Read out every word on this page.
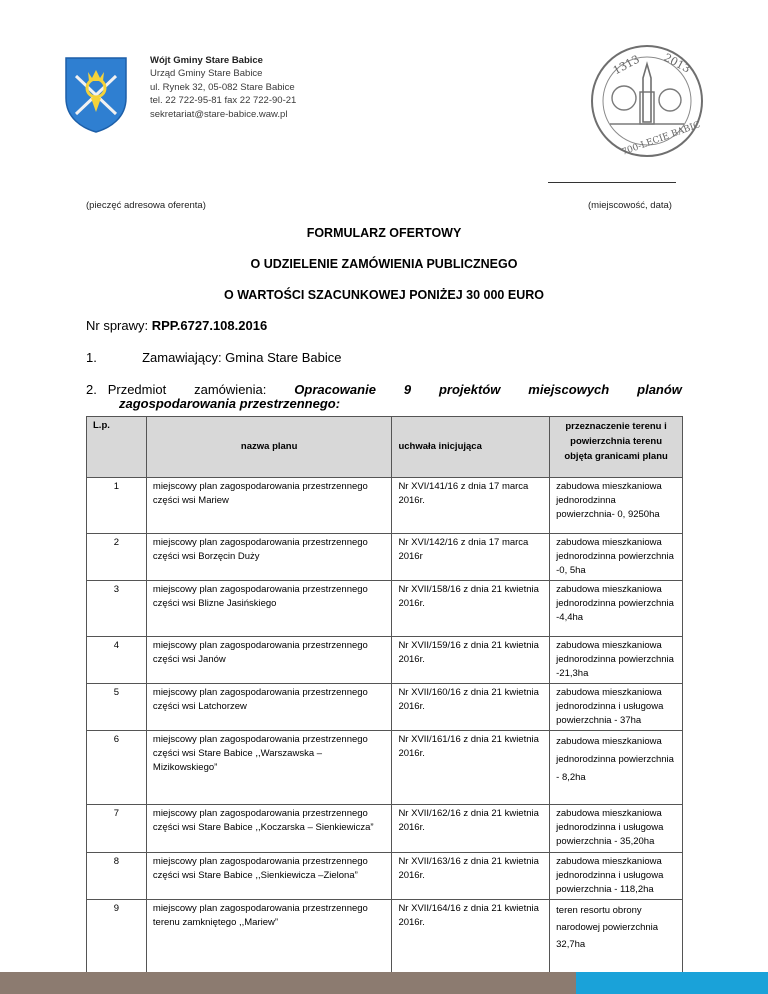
Wójt Gminy Stare Babice
Urząd Gminy Stare Babice
ul. Rynek 32, 05-082 Stare Babice
tel. 22 722-95-81 fax 22 722-90-21
sekretariat@stare-babice.waw.pl
1313 2013
700-LECIE BABIC
(pieczęć adresowa oferenta)	(miejscowość, data)
FORMULARZ OFERTOWY
O UDZIELENIE ZAMÓWIENIA PUBLICZNEGO
O WARTOŚCI SZACUNKOWEJ PONIŻEJ 30 000 EURO
Nr sprawy: RPP.6727.108.2016
1.	Zamawiający: Gmina Stare Babice
2. Przedmiot zamówienia: Opracowanie 9 projektów miejscowych planów
zagospodarowania przestrzennego:
L.p.	nazwa planu	uchwała inicjująca	przeznaczenie terenu i powierzchnia terenu objęta granicami planu
1	miejscowy plan zagospodarowania przestrzennego części wsi Mariew	Nr XVI/141/16 z dnia 17 marca 2016r.	zabudowa mieszkaniowa jednorodzinna powierzchnia- 0, 9250ha
2	miejscowy plan zagospodarowania przestrzennego części wsi Borzęcin Duży	Nr XVI/142/16 z dnia 17 marca 2016r	zabudowa mieszkaniowa jednorodzinna powierzchnia -0, 5ha
3	miejscowy plan zagospodarowania przestrzennego części wsi Blizne Jasińskiego	Nr XVII/158/16 z dnia 21 kwietnia 2016r.	zabudowa mieszkaniowa jednorodzinna powierzchnia -4,4ha
4	miejscowy plan zagospodarowania przestrzennego części wsi Janów	Nr XVII/159/16 z dnia 21 kwietnia 2016r.	zabudowa mieszkaniowa jednorodzinna powierzchnia -21,3ha
5	miejscowy plan zagospodarowania przestrzennego części wsi Latchorzew	Nr XVII/160/16 z dnia 21 kwietnia 2016r.	zabudowa mieszkaniowa jednorodzinna i usługowa powierzchnia - 37ha
6	miejscowy plan zagospodarowania przestrzennego części wsi Stare Babice ,,Warszawska – Mizikowskiego”	Nr XVII/161/16 z dnia 21 kwietnia 2016r.	zabudowa mieszkaniowa jednorodzinna powierzchnia - 8,2ha
7	miejscowy plan zagospodarowania przestrzennego części wsi Stare Babice ,,Koczarska – Sienkiewicza”	Nr XVII/162/16 z dnia 21 kwietnia 2016r.	zabudowa mieszkaniowa jednorodzinna i usługowa powierzchnia - 35,20ha
8	miejscowy plan zagospodarowania przestrzennego części wsi Stare Babice ,,Sienkiewicza –Zielona”	Nr XVII/163/16 z dnia 21 kwietnia 2016r.	zabudowa mieszkaniowa jednorodzinna i usługowa powierzchnia - 118,2ha
9	miejscowy plan zagospodarowania przestrzennego terenu zamkniętego ,,Mariew”	Nr XVII/164/16 z dnia 21 kwietnia 2016r.	teren resortu obrony narodowej powierzchnia 32,7ha
